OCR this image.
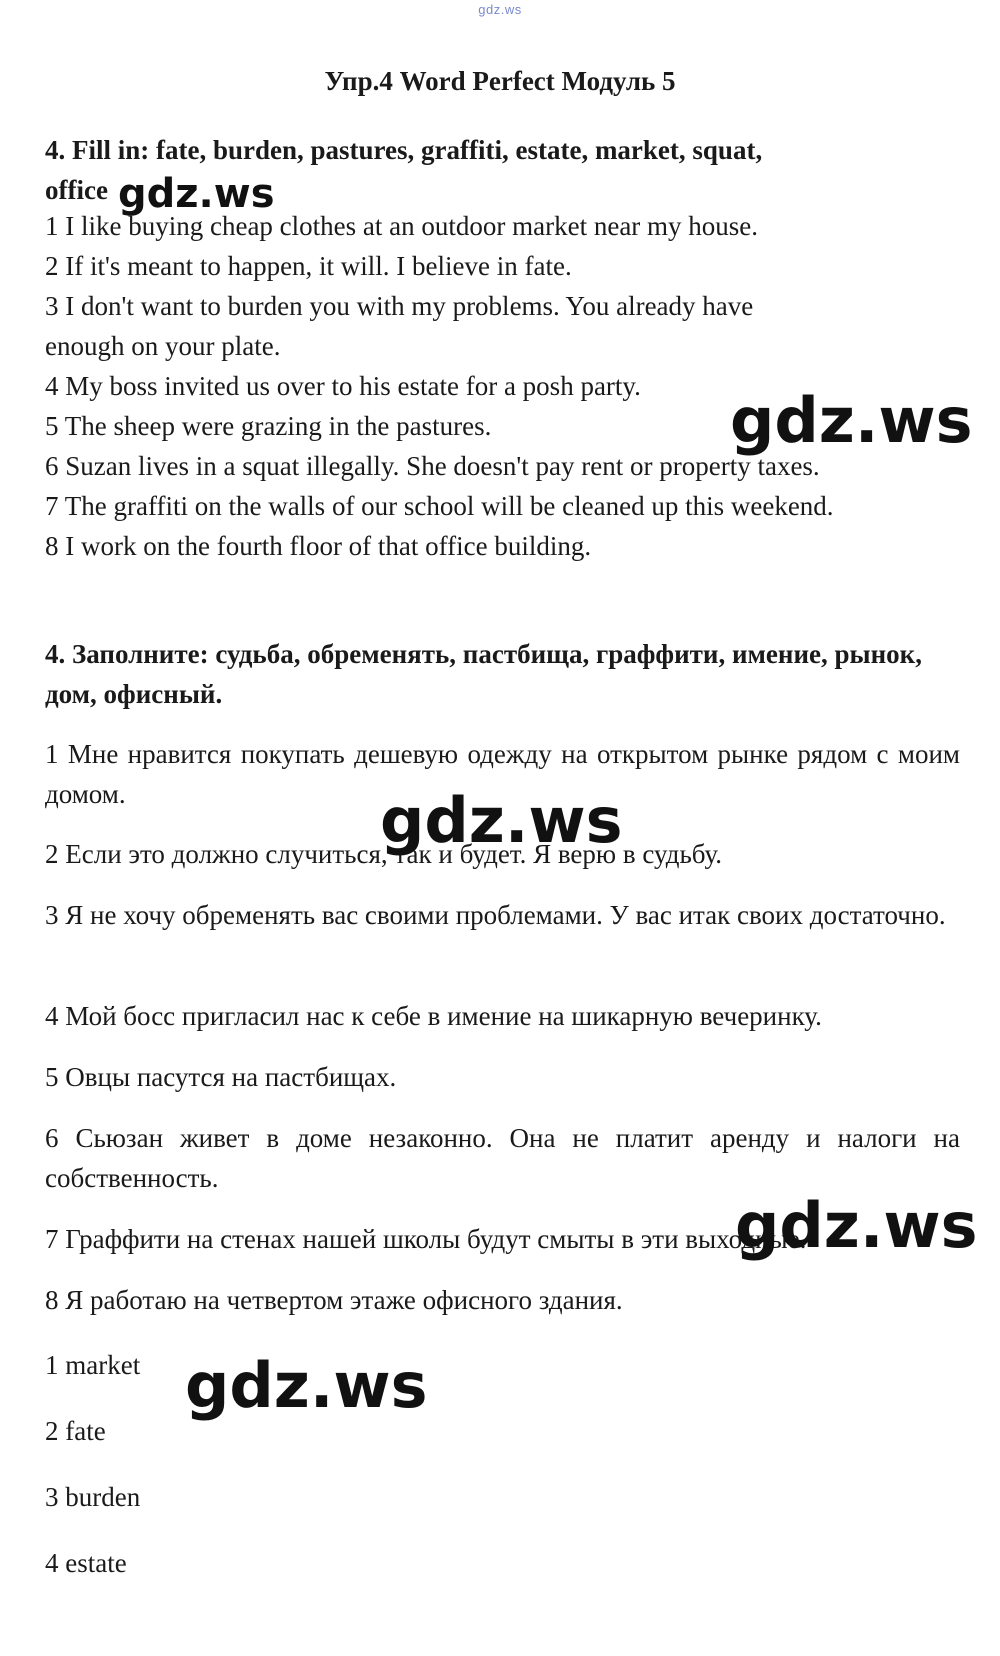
gdz.ws
Упр.4 Word Perfect Модуль 5
4. Fill in: fate, burden, pastures, graffiti, estate, market, squat,
office
1 I like buying cheap clothes at an outdoor market near my house.
2 If it's meant to happen, it will. I believe in fate.
3 I don't want to burden you with my problems. You already have
enough on your plate.
4 My boss invited us over to his estate for a posh party.
5 The sheep were grazing in the pastures.
6 Suzan lives in a squat illegally. She doesn't pay rent or property taxes.
7 The graffiti on the walls of our school will be cleaned up this weekend.
8 I work on the fourth floor of that office building.
4. Заполните: судьба, обременять, пастбища, граффити, имение, рынок, дом, офисный.
1 Мне нравится покупать дешевую одежду на открытом рынке рядом с моим домом.
2 Если это должно случиться, так и будет. Я верю в судьбу.
3 Я не хочу обременять вас своими проблемами. У вас итак своих достаточно.
4 Мой босс пригласил нас к себе в имение на шикарную вечеринку.
5 Овцы пасутся на пастбищах.
6 Сьюзан живет в доме незаконно. Она не платит аренду и налоги на собственность.
7 Граффити на стенах нашей школы будут смыты в эти выходные.
8 Я работаю на четвертом этаже офисного здания.
1 market
2 fate
3 burden
4 estate
gdz.ws
gdz.ws
gdz.ws
gdz.ws
gdz.ws
